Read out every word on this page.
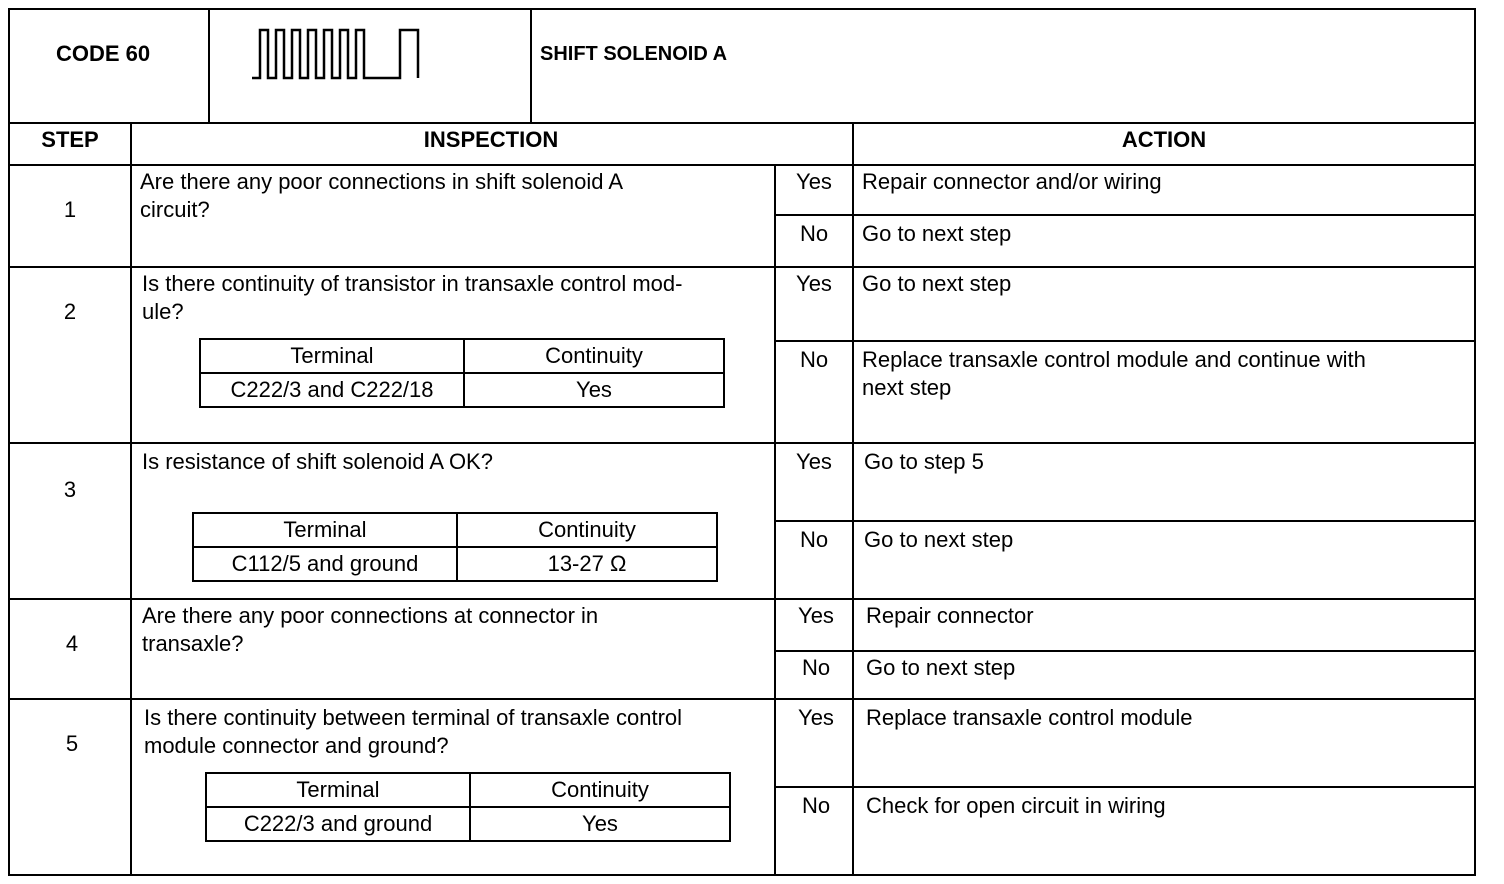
CODE 60	SHIFT SOLENOID A
STEP	INSPECTION	ACTION
1
Are there any poor connections in shift solenoid A
circuit?
Yes	Repair connector and/or wiring
No	Go to next step
2
Is there continuity of transistor in transaxle control mod-
ule?
Terminal	Continuity
C222/3 and C222/18	Yes
Yes	Go to next step
No	Replace transaxle control module and continue with
next step
3
Is resistance of shift solenoid A OK?
Terminal	Continuity
C112/5 and ground	13-27 Ω
Yes	Go to step 5
No	Go to next step
4
Are there any poor connections at connector in
transaxle?
Yes	Repair connector
No	Go to next step
5
Is there continuity between terminal of transaxle control
module connector and ground?
Terminal	Continuity
C222/3 and ground	Yes
Yes	Replace transaxle control module
No	Check for open circuit in wiring
